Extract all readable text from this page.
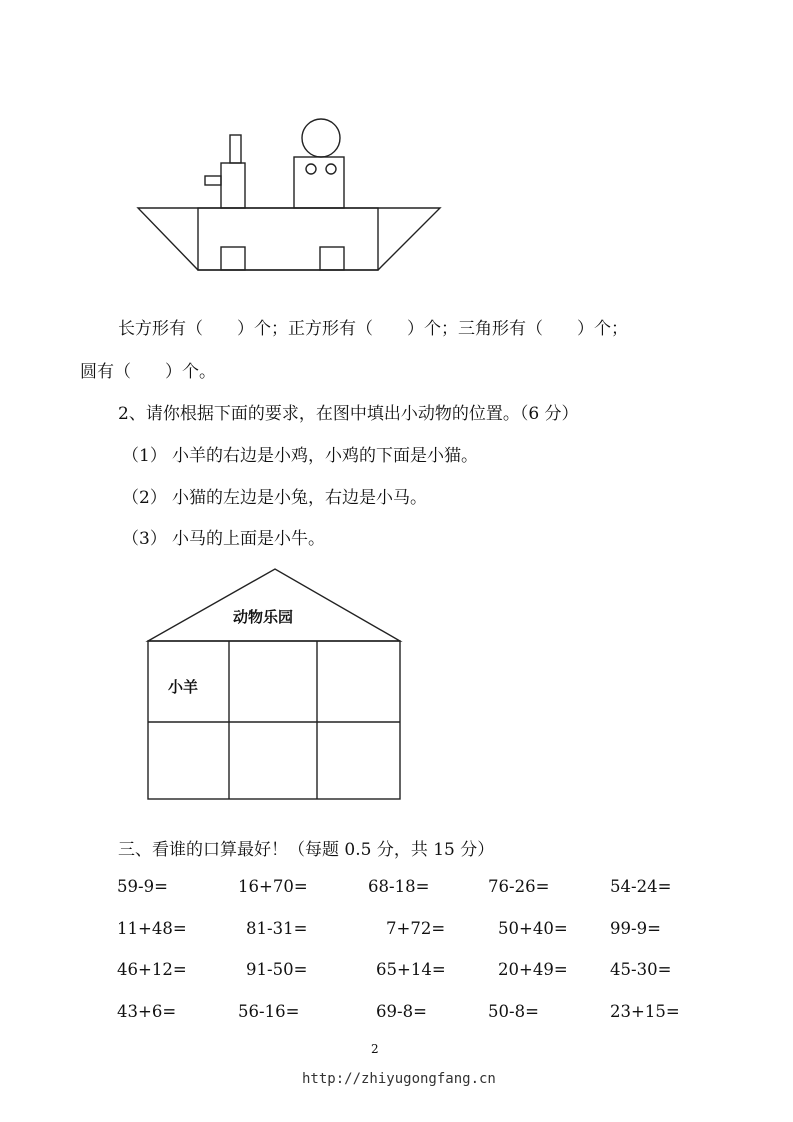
长方形有（　　）个；正方形有（　　）个；三角形有（　　）个；
圆有（　　）个。
2、请你根据下面的要求，在图中填出小动物的位置。（6 分）
（1） 小羊的右边是小鸡，小鸡的下面是小猫。
（2） 小猫的左边是小兔，右边是小马。
（3） 小马的上面是小牛。
动物乐园
小羊
三、看谁的口算最好！（每题 0.5 分，共 15 分）
59-9=	16+70=	68-18=	76-26=	54-24=
11+48=	81-31=	7+72=	50+40=	99-9=
46+12=	91-50=	65+14=	20+49=	45-30=
43+6=	56-16=	69-8=	50-8=	23+15=
2
http://zhiyugongfang.cn
